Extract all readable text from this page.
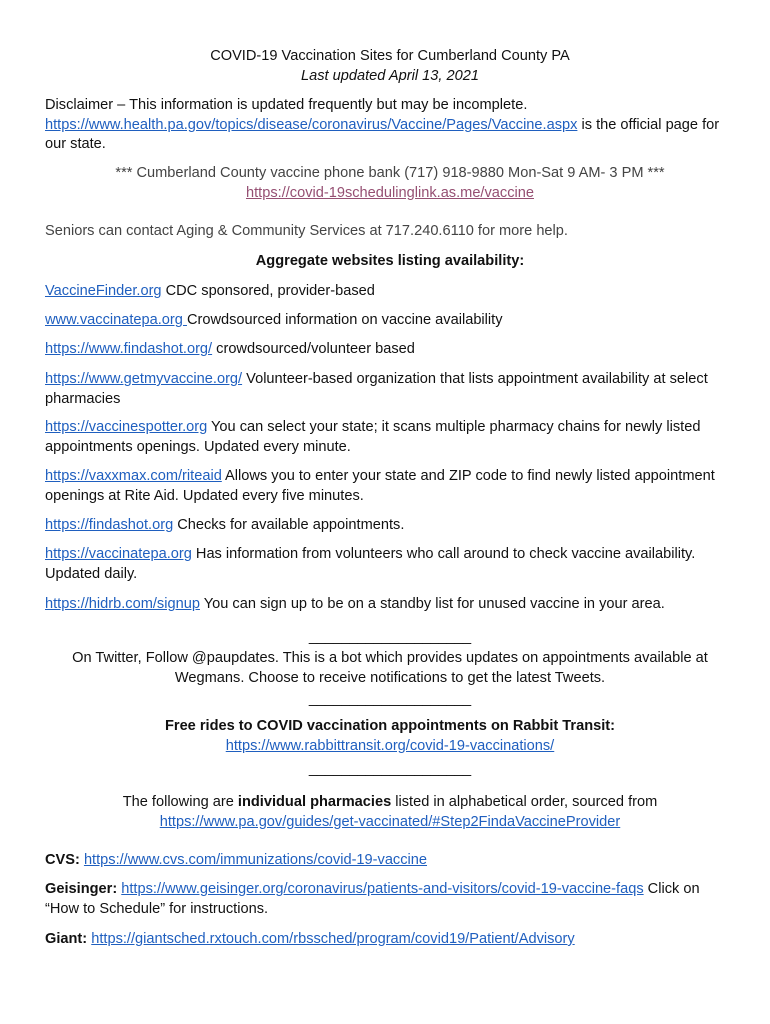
COVID-19 Vaccination Sites for Cumberland County PA
Last updated April 13, 2021

Disclaimer – This information is updated frequently but may be incomplete.
https://www.health.pa.gov/topics/disease/coronavirus/Vaccine/Pages/Vaccine.aspx is the official page for our state.

*** Cumberland County vaccine phone bank (717) 918-9880 Mon-Sat 9 AM- 3 PM ***
https://covid-19schedulinglink.as.me/vaccine

Seniors can contact Aging & Community Services at 717.240.6110 for more help.

Aggregate websites listing availability:

VaccineFinder.org CDC sponsored, provider-based

www.vaccinatepa.org Crowdsourced information on vaccine availability

https://www.findashot.org/ crowdsourced/volunteer based

https://www.getmyvaccine.org/ Volunteer-based organization that lists appointment availability at select pharmacies

https://vaccinespotter.org You can select your state; it scans multiple pharmacy chains for newly listed appointments openings. Updated every minute.

https://vaxxmax.com/riteaid Allows you to enter your state and ZIP code to find newly listed appointment openings at Rite Aid. Updated every five minutes.

https://findashot.org Checks for available appointments.

https://vaccinatepa.org Has information from volunteers who call around to check vaccine availability. Updated daily.

https://hidrb.com/signup You can sign up to be on a standby list for unused vaccine in your area.

____________________

On Twitter, Follow @paupdates. This is a bot which provides updates on appointments available at Wegmans. Choose to receive notifications to get the latest Tweets.

____________________

Free rides to COVID vaccination appointments on Rabbit Transit:
https://www.rabbittransit.org/covid-19-vaccinations/

____________________

The following are individual pharmacies listed in alphabetical order, sourced from
https://www.pa.gov/guides/get-vaccinated/#Step2FindaVaccineProvider

CVS: https://www.cvs.com/immunizations/covid-19-vaccine

Geisinger: https://www.geisinger.org/coronavirus/patients-and-visitors/covid-19-vaccine-faqs Click on “How to Schedule” for instructions.

Giant: https://giantsched.rxtouch.com/rbssched/program/covid19/Patient/Advisory
